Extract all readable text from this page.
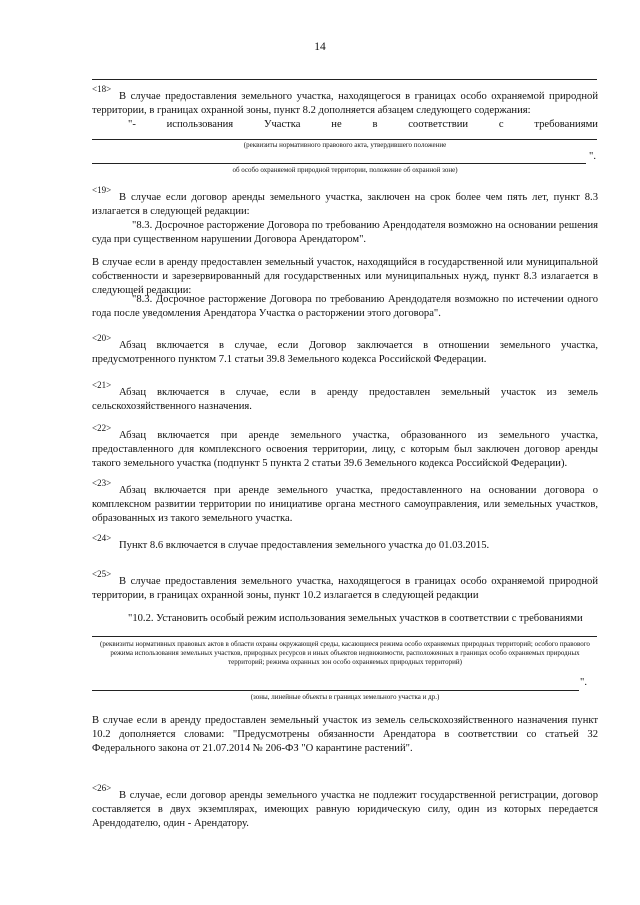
14
<18>
В случае предоставления земельного участка, находящегося в границах особо охраняемой природной территории, в границах охранной зоны, пункт 8.2 дополняется абзацем следующего содержания:
"-	использования	Участка	не	в	соответствии	с	требованиями
(реквизиты нормативного правового акта, утвердившего положение
".
об особо охраняемой природной территории, положение об охранной зоне)
<19>
В случае если договор аренды земельного участка, заключен на срок более чем пять лет, пункт 8.3 излагается в следующей редакции:
"8.3. Досрочное расторжение Договора по требованию Арендодателя возможно на основании решения суда при существенном нарушении Договора Арендатором".
В случае если в аренду предоставлен земельный участок, находящийся в государственной или муниципальной собственности и зарезервированный для государственных или муниципальных нужд, пункт 8.3 излагается в следующей редакции:
"8.3. Досрочное расторжение Договора по требованию Арендодателя возможно по истечении одного года после уведомления Арендатора Участка о расторжении этого договора".
<20>
Абзац включается в случае, если Договор заключается в отношении земельного участка, предусмотренного пунктом 7.1 статьи 39.8 Земельного кодекса Российской Федерации.
<21>
Абзац включается в случае, если в аренду предоставлен земельный участок из земель сельскохозяйственного назначения.
<22>
Абзац включается при аренде земельного участка, образованного из земельного участка, предоставленного для комплексного освоения территории, лицу, с которым был заключен договор аренды такого земельного участка (подпункт 5 пункта 2 статьи 39.6 Земельного кодекса Российской Федерации).
<23>
Абзац включается при аренде земельного участка, предоставленного на основании договора о комплексном развитии территории по инициативе органа местного самоуправления, или земельных участков, образованных из такого земельного участка.
<24>
Пункт 8.6 включается в случае предоставления земельного участка до 01.03.2015.
<25>
В случае предоставления земельного участка, находящегося в границах особо охраняемой природной территории, в границах охранной зоны, пункт 10.2 излагается в следующей редакции
"10.2. Установить особый режим использования земельных участков в соответствии с требованиями
(реквизиты нормативных правовых актов в области охраны окружающей среды, касающиеся режима особо охраняемых природных территорий; особого правового режима использования земельных участков, природных ресурсов и иных объектов недвижимости, расположенных в границах особо охраняемых природных территорий; режима охранных зон особо охраняемых природных территорий)
".
(зоны, линейные объекты в границах земельного участка и др.)
В случае если в аренду предоставлен земельный участок из земель сельскохозяйственного назначения пункт 10.2 дополняется словами: "Предусмотрены обязанности Арендатора в соответствии со статьей 32 Федерального закона от 21.07.2014 № 206-ФЗ "О карантине растений".
<26>
В случае, если договор аренды земельного участка не подлежит государственной регистрации, договор составляется в двух экземплярах, имеющих равную юридическую силу, один из которых передается Арендодателю, один - Арендатору.
